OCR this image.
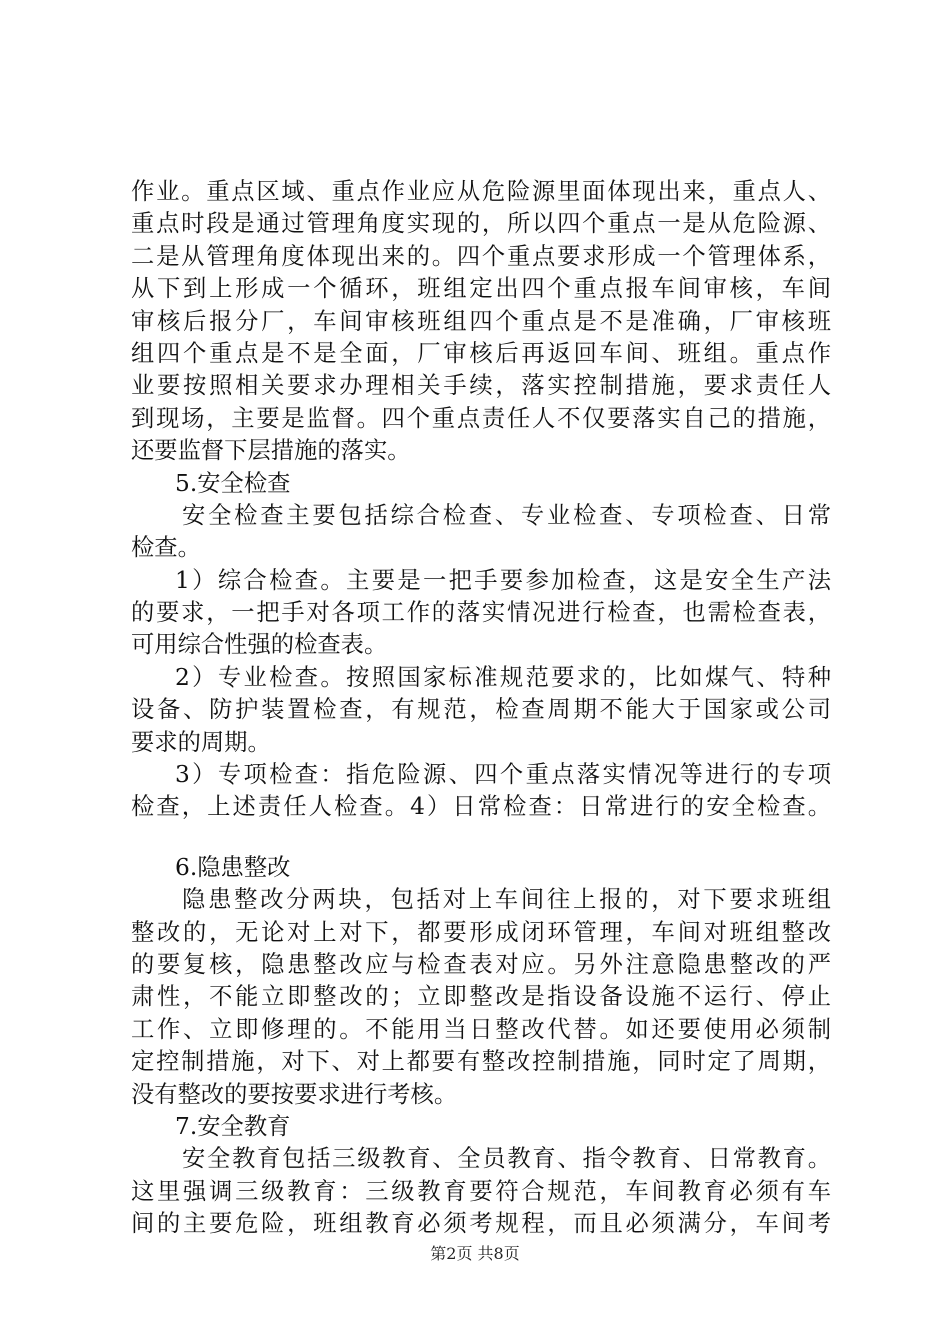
作业。重点区域、重点作业应从危险源里面体现出来，重点人、
重点时段是通过管理角度实现的，所以四个重点一是从危险源、
二是从管理角度体现出来的。四个重点要求形成一个管理体系，
从下到上形成一个循环，班组定出四个重点报车间审核，车间
审核后报分厂，车间审核班组四个重点是不是准确，厂审核班
组四个重点是不是全面，厂审核后再返回车间、班组。重点作
业要按照相关要求办理相关手续，落实控制措施，要求责任人
到现场，主要是监督。四个重点责任人不仅要落实自己的措施，
还要监督下层措施的落实。
5.安全检查
安全检查主要包括综合检查、专业检查、专项检查、日常
检查。
1）综合检查。主要是一把手要参加检查，这是安全生产法
的要求，一把手对各项工作的落实情况进行检查，也需检查表，
可用综合性强的检查表。
2）专业检查。按照国家标准规范要求的，比如煤气、特种
设备、防护装置检查，有规范，检查周期不能大于国家或公司
要求的周期。
3）专项检查：指危险源、四个重点落实情况等进行的专项
检查，上述责任人检查。4）日常检查：日常进行的安全检查。
6.隐患整改
隐患整改分两块，包括对上车间往上报的，对下要求班组
整改的，无论对上对下，都要形成闭环管理，车间对班组整改
的要复核，隐患整改应与检查表对应。另外注意隐患整改的严
肃性，不能立即整改的；立即整改是指设备设施不运行、停止
工作、立即修理的。不能用当日整改代替。如还要使用必须制
定控制措施，对下、对上都要有整改控制措施，同时定了周期，
没有整改的要按要求进行考核。
7.安全教育
安全教育包括三级教育、全员教育、指令教育、日常教育。
这里强调三级教育：三级教育要符合规范，车间教育必须有车
间的主要危险，班组教育必须考规程，而且必须满分，车间考
第2页 共8页
